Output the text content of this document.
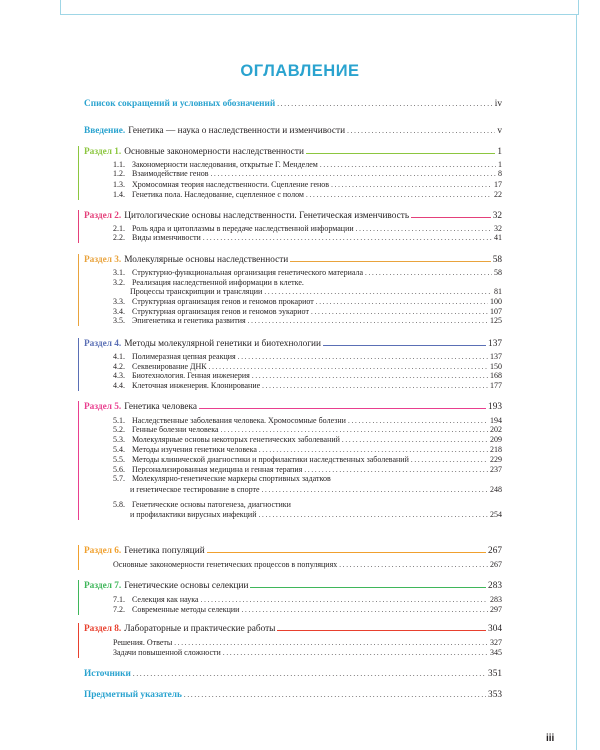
ОГЛАВЛЕНИЕ
Список сокращений и условных обозначений . . .	iv
Введение. Генетика — наука о наследственности и изменчивости . . .	v
Раздел 1. Основные закономерности наследственности	1
1.1. Закономерности наследования, открытые Г. Менделем . . .	1
1.2. Взаимодействие генов . . .	8
1.3. Хромосомная теория наследственности. Сцепление генов . . .	17
1.4. Генетика пола. Наследование, сцепленное с полом . . .	22
Раздел 2. Цитологические основы наследственности. Генетическая изменчивость	32
2.1. Роль ядра и цитоплазмы в передаче наследственной информации . . .	32
2.2. Виды изменчивости . . .	41
Раздел 3. Молекулярные основы наследственности	58
3.1. Структурно-функциональная организация генетического материала . . .	58
3.2. Реализация наследственной информации в клетке.
Процессы транскрипции и трансляции . . .	81
3.3. Структурная организация генов и геномов прокариот . . .	100
3.4. Структурная организация генов и геномов эукариот . . .	107
3.5. Эпигенетика и генетика развития . . .	125
Раздел 4. Методы молекулярной генетики и биотехнологии	137
4.1. Полимеразная цепная реакция . . .	137
4.2. Секвенирование ДНК . . .	150
4.3. Биотехнология. Генная инженерия . . .	168
4.4. Клеточная инженерия. Клонирование . . .	177
Раздел 5. Генетика человека	193
5.1. Наследственные заболевания человека. Хромосомные болезни . . .	194
5.2. Генные болезни человека . . .	202
5.3. Молекулярные основы некоторых генетических заболеваний . . .	209
5.4. Методы изучения генетики человека . . .	218
5.5. Методы клинической диагностики и профилактики наследственных заболеваний . . .	229
5.6. Персонализированная медицина и генная терапия . . .	237
5.7. Молекулярно-генетические маркеры спортивных задатков
и генетическое тестирование в спорте . . .	248
5.8. Генетические основы патогенеза, диагностики
и профилактики вирусных инфекций . . .	254
Раздел 6. Генетика популяций	267
Основные закономерности генетических процессов в популяциях . . .	267
Раздел 7. Генетические основы селекции	283
7.1. Селекция как наука . . .	283
7.2. Современные методы селекции . . .	297
Раздел 8. Лабораторные и практические работы	304
Решения. Ответы . . .	327
Задачи повышенной сложности . . .	345
Источники . . .	351
Предметный указатель . . .	353
iii
